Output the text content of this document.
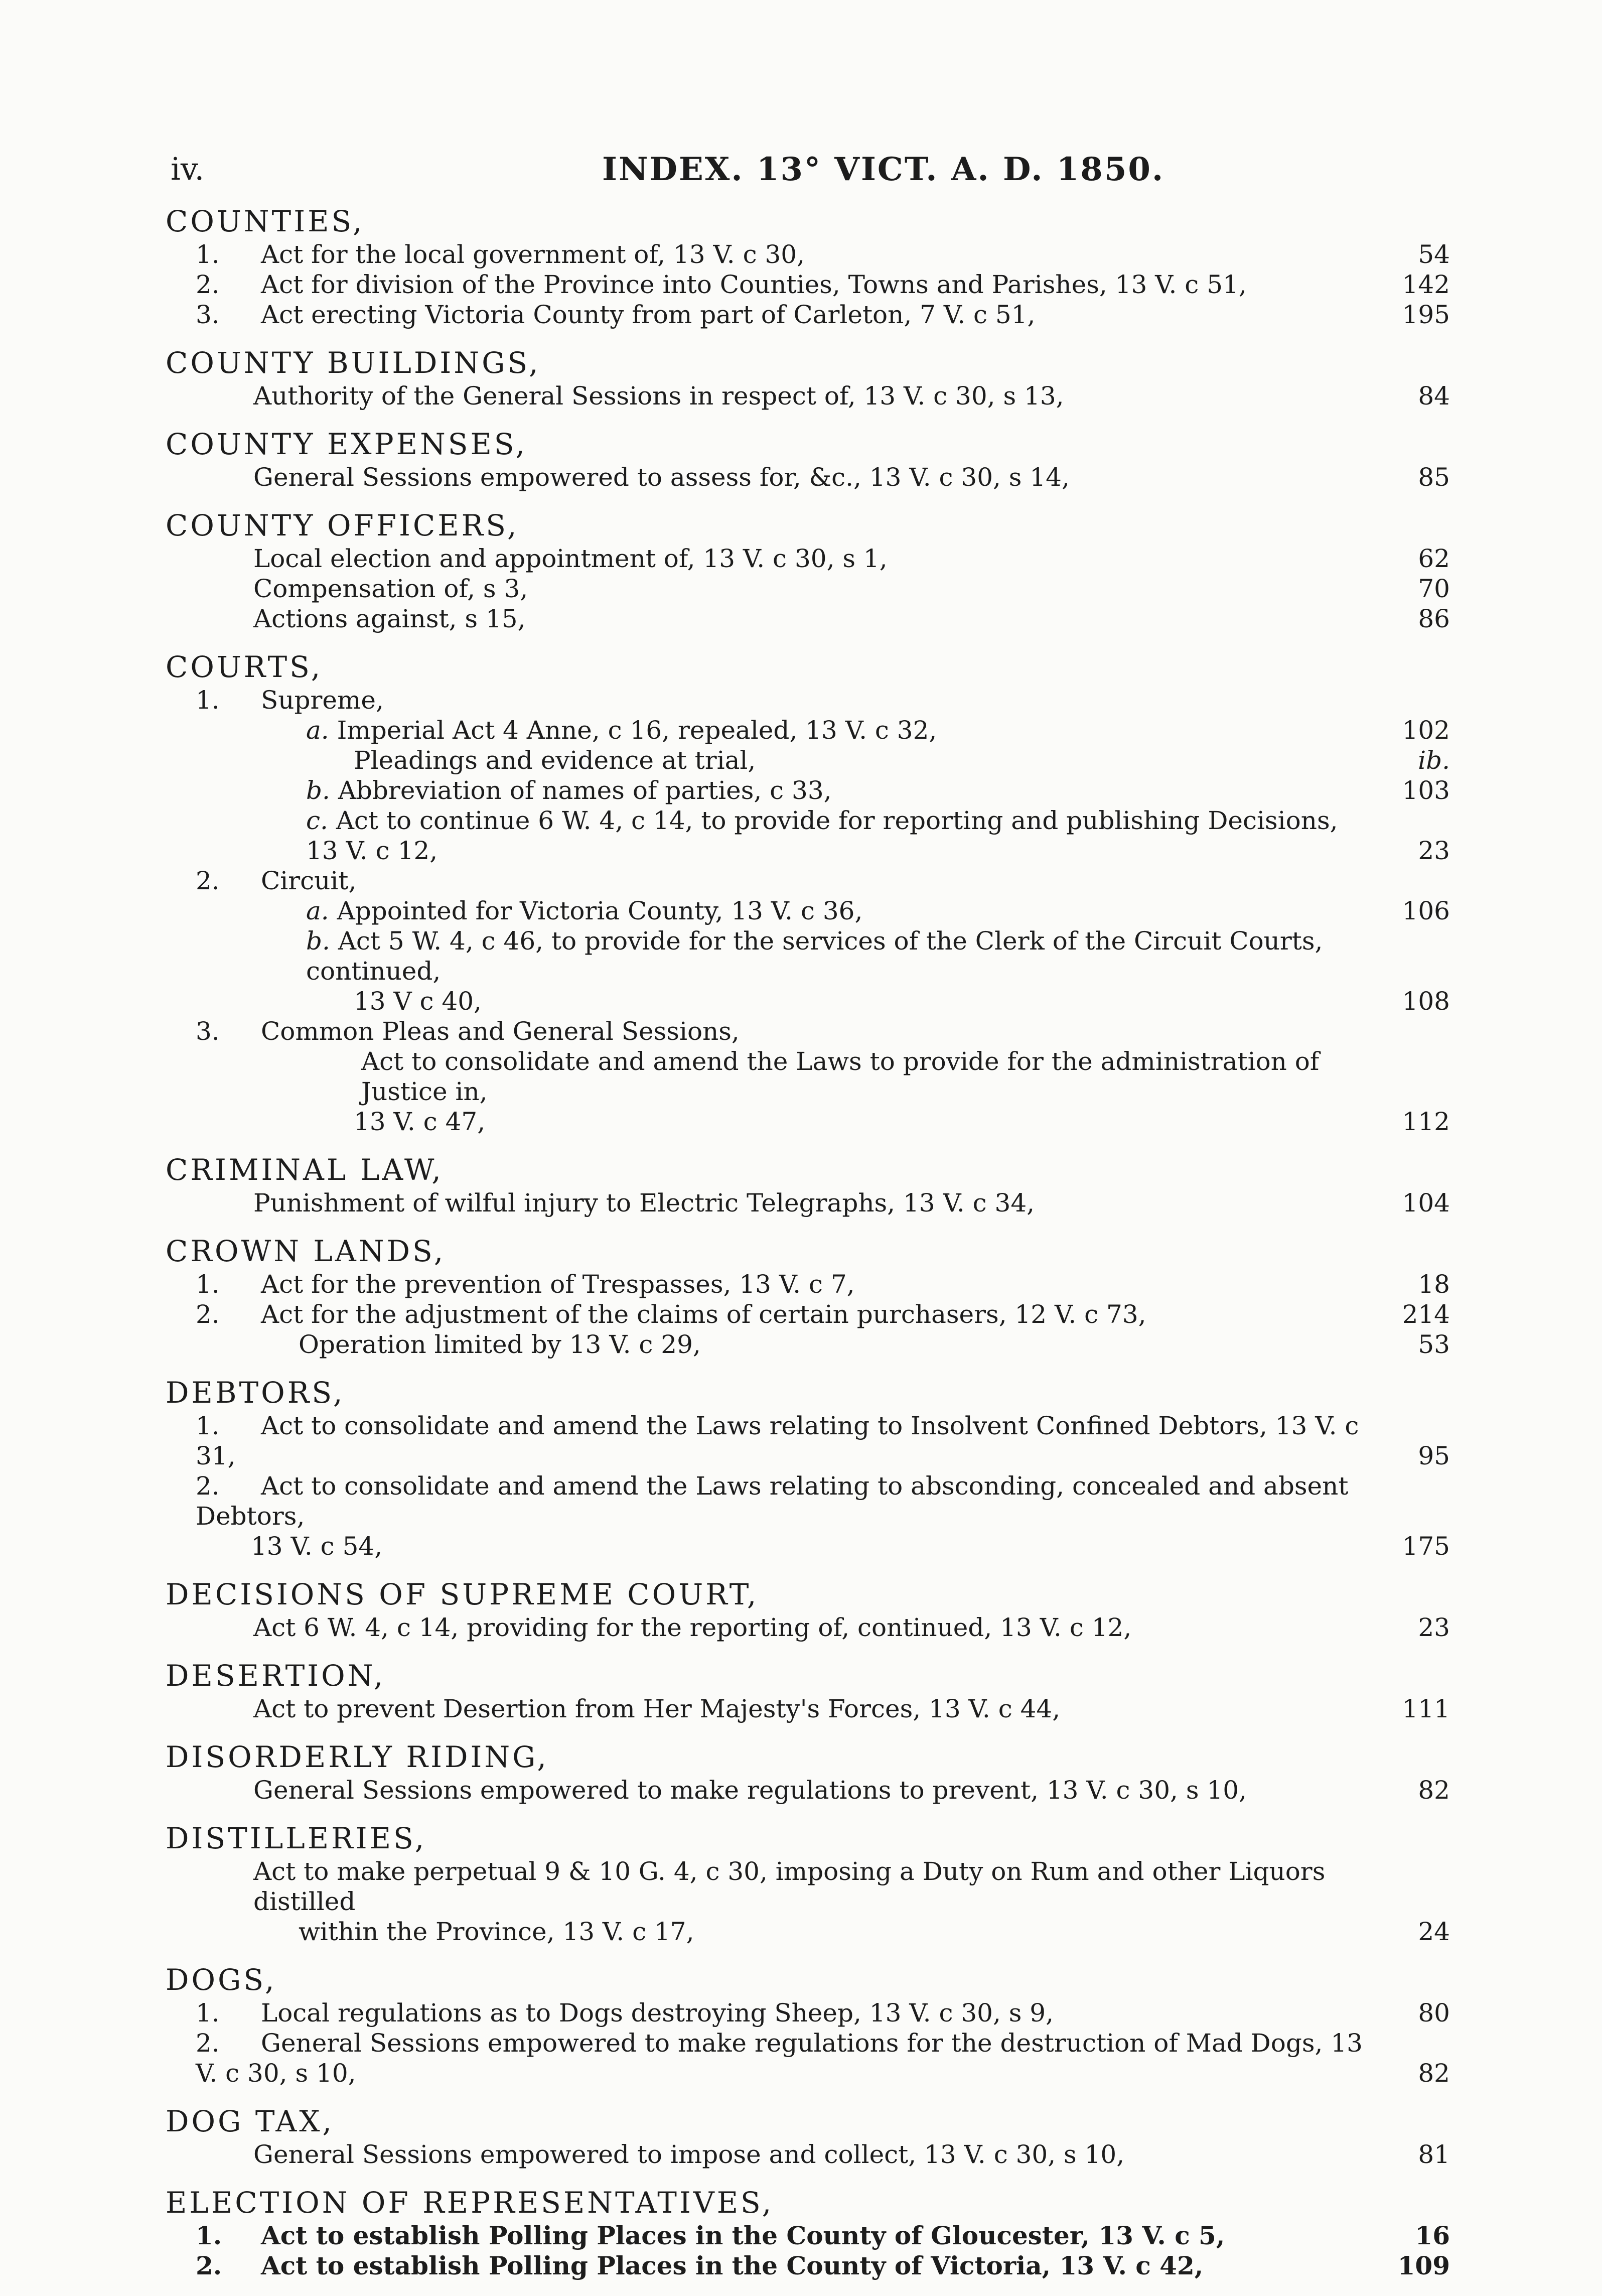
iv.	INDEX. 13° VICT. A. D. 1850.
COUNTIES,
1. Act for the local government of, 13 V. c 30,	54
2. Act for division of the Province into Counties, Towns and Parishes, 13 V. c 51,	142
3. Act erecting Victoria County from part of Carleton, 7 V. c 51,	195
COUNTY BUILDINGS,
Authority of the General Sessions in respect of, 13 V. c 30, s 13,	84
COUNTY EXPENSES,
General Sessions empowered to assess for, &c., 13 V. c 30, s 14,	85
COUNTY OFFICERS,
Local election and appointment of, 13 V. c 30, s 1,	62
Compensation of, s 3,	70
Actions against, s 15,	86
COURTS,
1. Supreme,
a. Imperial Act 4 Anne, c 16, repealed, 13 V. c 32,	102
Pleadings and evidence at trial,	ib.
b. Abbreviation of names of parties, c 33,	103
c. Act to continue 6 W. 4, c 14, to provide for reporting and publishing Decisions, 13 V. c 12,	23
2. Circuit,
a. Appointed for Victoria County, 13 V. c 36,	106
b. Act 5 W. 4, c 46, to provide for the services of the Clerk of the Circuit Courts, continued,
13 V c 40,	108
3. Common Pleas and General Sessions,
Act to consolidate and amend the Laws to provide for the administration of Justice in,
13 V. c 47,	112
CRIMINAL LAW,
Punishment of wilful injury to Electric Telegraphs, 13 V. c 34,	104
CROWN LANDS,
1. Act for the prevention of Trespasses, 13 V. c 7,	18
2. Act for the adjustment of the claims of certain purchasers, 12 V. c 73,	214
Operation limited by 13 V. c 29,	53
DEBTORS,
1. Act to consolidate and amend the Laws relating to Insolvent Confined Debtors, 13 V. c 31,	95
2. Act to consolidate and amend the Laws relating to absconding, concealed and absent Debtors,
13 V. c 54,	175
DECISIONS OF SUPREME COURT,
Act 6 W. 4, c 14, providing for the reporting of, continued, 13 V. c 12,	23
DESERTION,
Act to prevent Desertion from Her Majesty's Forces, 13 V. c 44,	111
DISORDERLY RIDING,
General Sessions empowered to make regulations to prevent, 13 V. c 30, s 10,	82
DISTILLERIES,
Act to make perpetual 9 & 10 G. 4, c 30, imposing a Duty on Rum and other Liquors distilled
within the Province, 13 V. c 17,	24
DOGS,
1. Local regulations as to Dogs destroying Sheep, 13 V. c 30, s 9,	80
2. General Sessions empowered to make regulations for the destruction of Mad Dogs, 13 V. c 30, s 10,	82
DOG TAX,
General Sessions empowered to impose and collect, 13 V. c 30, s 10,	81
ELECTION OF REPRESENTATIVES,
1. Act to establish Polling Places in the County of Gloucester, 13 V. c 5,	16
2. Act to establish Polling Places in the County of Victoria, 13 V. c 42,	109
